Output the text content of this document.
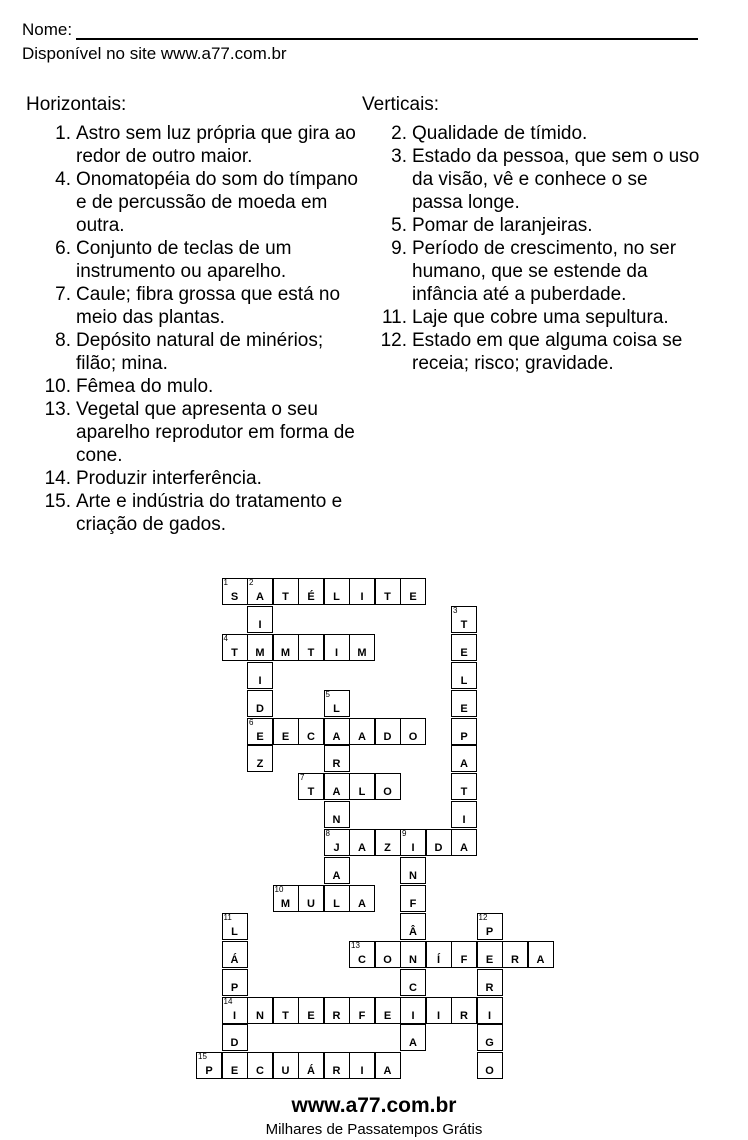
Nome:
Disponível no site www.a77.com.br
Horizontais:	Verticais:
1. Astro sem luz própria que gira ao redor de outro maior.
4. Onomatopéia do som do tímpano e de percussão de moeda em outra.
6. Conjunto de teclas de um instrumento ou aparelho.
7. Caule; fibra grossa que está no meio das plantas.
8. Depósito natural de minérios; filão; mina.
10. Fêmea do mulo.
13. Vegetal que apresenta o seu aparelho reprodutor em forma de cone.
14. Produzir interferência.
15. Arte e indústria do tratamento e criação de gados.
2. Qualidade de tímido.
3. Estado da pessoa, que sem o uso da visão, vê e conhece o se passa longe.
5. Pomar de laranjeiras.
9. Período de crescimento, no ser humano, que se estende da infância até a puberdade.
11. Laje que cobre uma sepultura.
12. Estado em que alguma coisa se receia; risco; gravidade.
S
1
A
2
T É L I T E
I
M
I
D
E
6
Z
T
3
E
L
E
P
A
T
I
A
T
4
M T I M
L
5
A
R
A
N
J
8
A
L
E C	A D O
T
7
L O
A Z I
9
D
N
F
Â
N
C
I
A
M
10
U	A
L
11
Á
P
I
14
D
E
P
12
E
R
I
G
O
C
13
O	Í F	R A
N T E R F E	I R
P
15
C U Á R I A
www.a77.com.br
Milhares de Passatempos Grátis
